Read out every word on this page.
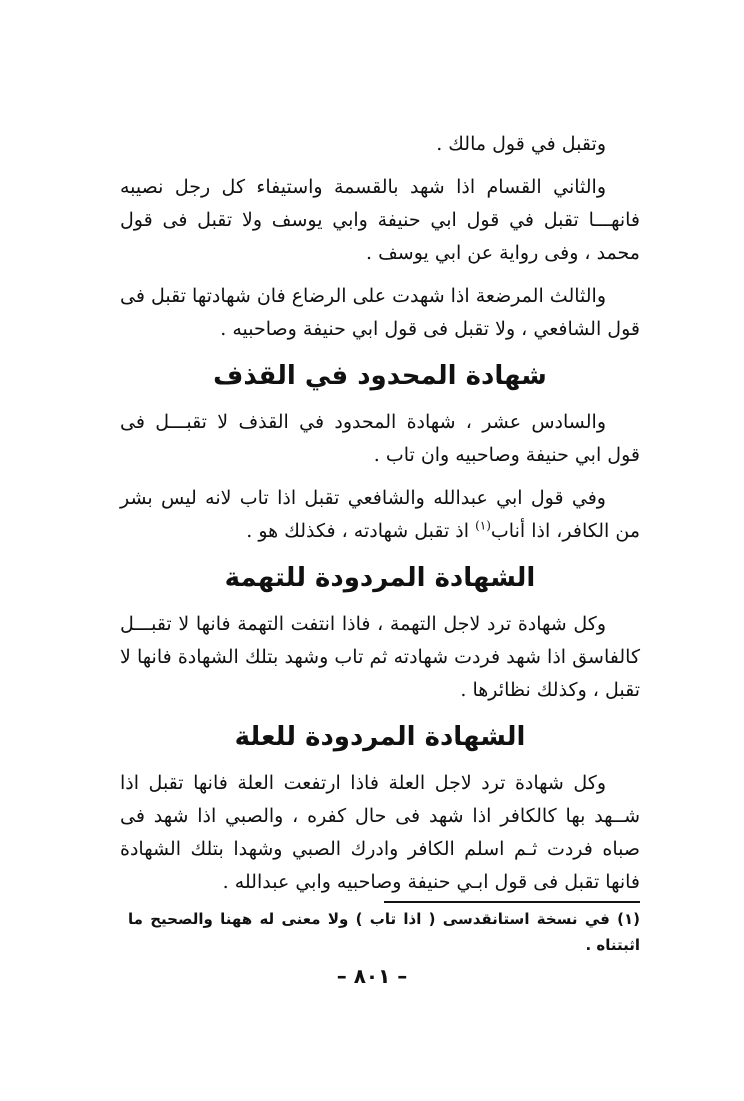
وتقبل في قول مالك .

والثاني القسام اذا شهد بالقسمة واستيفاء كل رجل نصيبه فانهـــا تقبل في قول ابي حنيفة وابي يوسف ولا تقبل فى قول محمد ، وفى رواية عن ابي يوسف .

والثالث المرضعة اذا شهدت على الرضاع فان شهادتها تقبل فى قول الشافعي ، ولا تقبل فى قول ابي حنيفة وصاحبيه .

شهادة المحدود في القذف

والسادس عشر ، شهادة المحدود في القذف لا تقبـــل فى قول ابي حنيفة وصاحبيه وان تاب .

وفي قول ابي عبدالله والشافعي تقبل اذا تاب لانه ليس بشر من الكافر، اذا أناب$^{(١)}$ اذ تقبل شهادته ، فكذلك هو .

الشهادة المردودة للتهمة

وكل شهادة ترد لاجل التهمة ، فاذا انتفت التهمة فانها لا تقبـــل كالفاسق اذا شهد فردت شهادته ثم تاب وشهد بتلك الشهادة فانها لا تقبل ، وكذلك نظائرها .

الشهادة المردودة للعلة

وكل شهادة ترد لاجل العلة فاذا ارتفعت العلة فانها تقبل اذا شــهد بها كالكافر اذا شهد فى حال كفره ، والصبي اذا شهد فى صباه فردت ثـم اسلم الكافر وادرك الصبي وشهدا بتلك الشهادة فانها تقبل فى قول ابـي حنيفة وصاحبيه وابي عبدالله .

(١) في نسخة استانقدسى ( اذا تاب ) ولا معنى له ههنا والصحيح ما اثبتناه .
– ٨٠١ –
